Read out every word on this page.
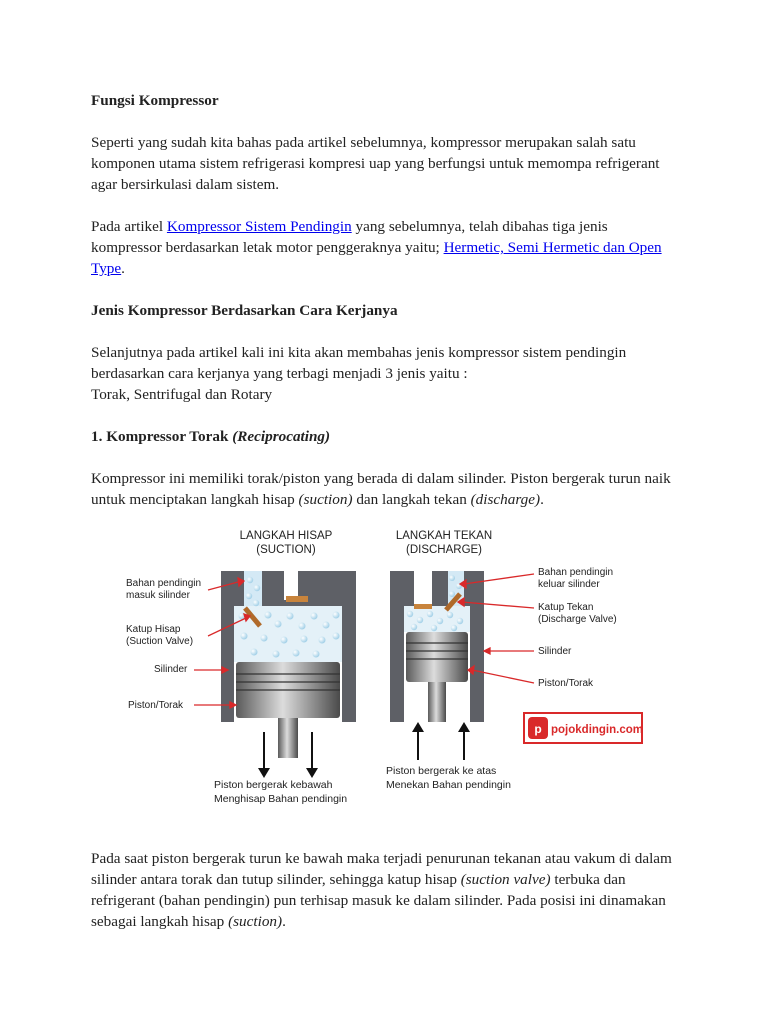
Fungsi Kompressor

Seperti yang sudah kita bahas pada artikel sebelumnya, kompressor merupakan salah satu komponen utama sistem refrigerasi kompresi uap yang berfungsi untuk memompa refrigerant agar bersirkulasi dalam sistem.

Pada artikel Kompressor Sistem Pendingin yang sebelumnya, telah dibahas tiga jenis kompressor berdasarkan letak motor penggeraknya yaitu; Hermetic, Semi Hermetic dan Open Type.

Jenis Kompressor Berdasarkan Cara Kerjanya

Selanjutnya pada artikel kali ini kita akan membahas jenis kompressor sistem pendingin berdasarkan cara kerjanya yang terbagi menjadi 3 jenis yaitu :
Torak, Sentrifugal dan Rotary

1. Kompressor Torak (Reciprocating)

Kompressor ini memiliki torak/piston yang berada di dalam silinder. Piston bergerak turun naik untuk menciptakan langkah hisap (suction) dan langkah tekan (discharge).

LANGKAH HISAP
(SUCTION)
LANGKAH TEKAN
(DISCHARGE)
Bahan pendingin
masuk silinder
Katup Hisap
(Suction Valve)
Silinder
Piston/Torak
Bahan pendingin
keluar silinder
Katup Tekan
(Discharge Valve)
Silinder
Piston/Torak
p pojokdingin.com
Piston bergerak kebawah
Menghisap Bahan pendingin
Piston bergerak ke atas
Menekan Bahan pendingin

Pada saat piston bergerak turun ke bawah maka terjadi penurunan tekanan atau vakum di dalam silinder antara torak dan tutup silinder, sehingga katup hisap (suction valve) terbuka dan refrigerant (bahan pendingin) pun terhisap masuk ke dalam silinder. Pada posisi ini dinamakan sebagai langkah hisap (suction).
